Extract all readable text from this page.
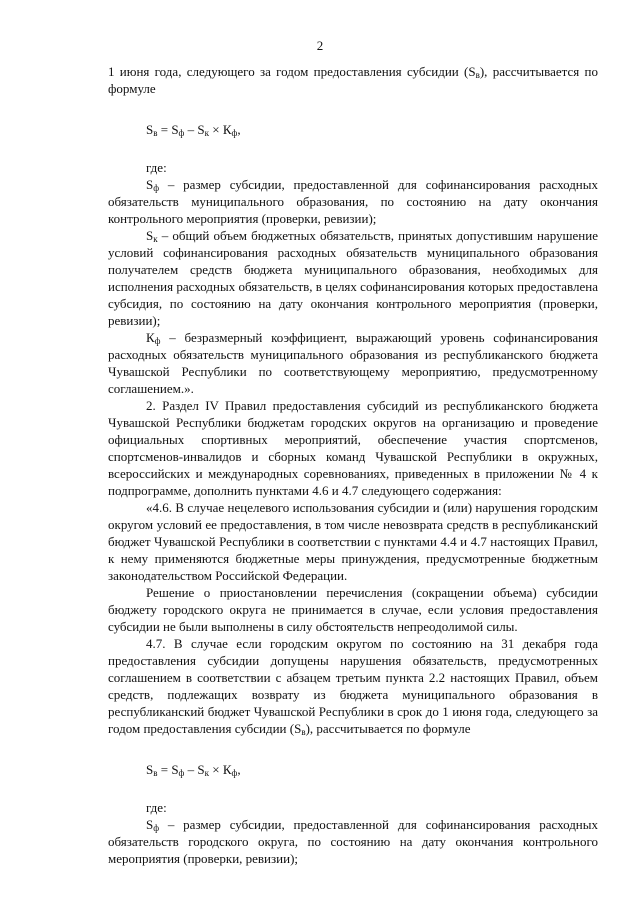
2

1 июня года, следующего за годом предоставления субсидии $(S_в)$, рассчитывается по формуле

$S_в = S_ф - S_к \times К_ф$,

где:

$S_ф$ – размер субсидии, предоставленной для софинансирования расходных обязательств муниципального образования, по состоянию на дату окончания контрольного мероприятия (проверки, ревизии);

$S_к$ – общий объем бюджетных обязательств, принятых допустившим нарушение условий софинансирования расходных обязательств муниципального образования получателем средств бюджета муниципального образования, необходимых для исполнения расходных обязательств, в целях софинансирования которых предоставлена субсидия, по состоянию на дату окончания контрольного мероприятия (проверки, ревизии);

$К_ф$ – безразмерный коэффициент, выражающий уровень софинансирования расходных обязательств муниципального образования из республиканского бюджета Чувашской Республики по соответствующему мероприятию, предусмотренному соглашением.».

2. Раздел IV Правил предоставления субсидий из республиканского бюджета Чувашской Республики бюджетам городских округов на организацию и проведение официальных спортивных мероприятий, обеспечение участия спортсменов, спортсменов-инвалидов и сборных команд Чувашской Республики в окружных, всероссийских и международных соревнованиях, приведенных в приложении № 4 к подпрограмме, дополнить пунктами 4.6 и 4.7 следующего содержания:

«4.6. В случае нецелевого использования субсидии и (или) нарушения городским округом условий ее предоставления, в том числе невозврата средств в республиканский бюджет Чувашской Республики в соответствии с пунктами 4.4 и 4.7 настоящих Правил, к нему применяются бюджетные меры принуждения, предусмотренные бюджетным законодательством Российской Федерации.

Решение о приостановлении перечисления (сокращении объема) субсидии бюджету городского округа не принимается в случае, если условия предоставления субсидии не были выполнены в силу обстоятельств непреодолимой силы.

4.7. В случае если городским округом по состоянию на 31 декабря года предоставления субсидии допущены нарушения обязательств, предусмотренных соглашением в соответствии с абзацем третьим пункта 2.2 настоящих Правил, объем средств, подлежащих возврату из бюджета муниципального образования в республиканский бюджет Чувашской Республики в срок до 1 июня года, следующего за годом предоставления субсидии $(S_в)$, рассчитывается по формуле

$S_в = S_ф - S_к \times К_ф$,

где:

$S_ф$ – размер субсидии, предоставленной для софинансирования расходных обязательств городского округа, по состоянию на дату окончания контрольного мероприятия (проверки, ревизии);
